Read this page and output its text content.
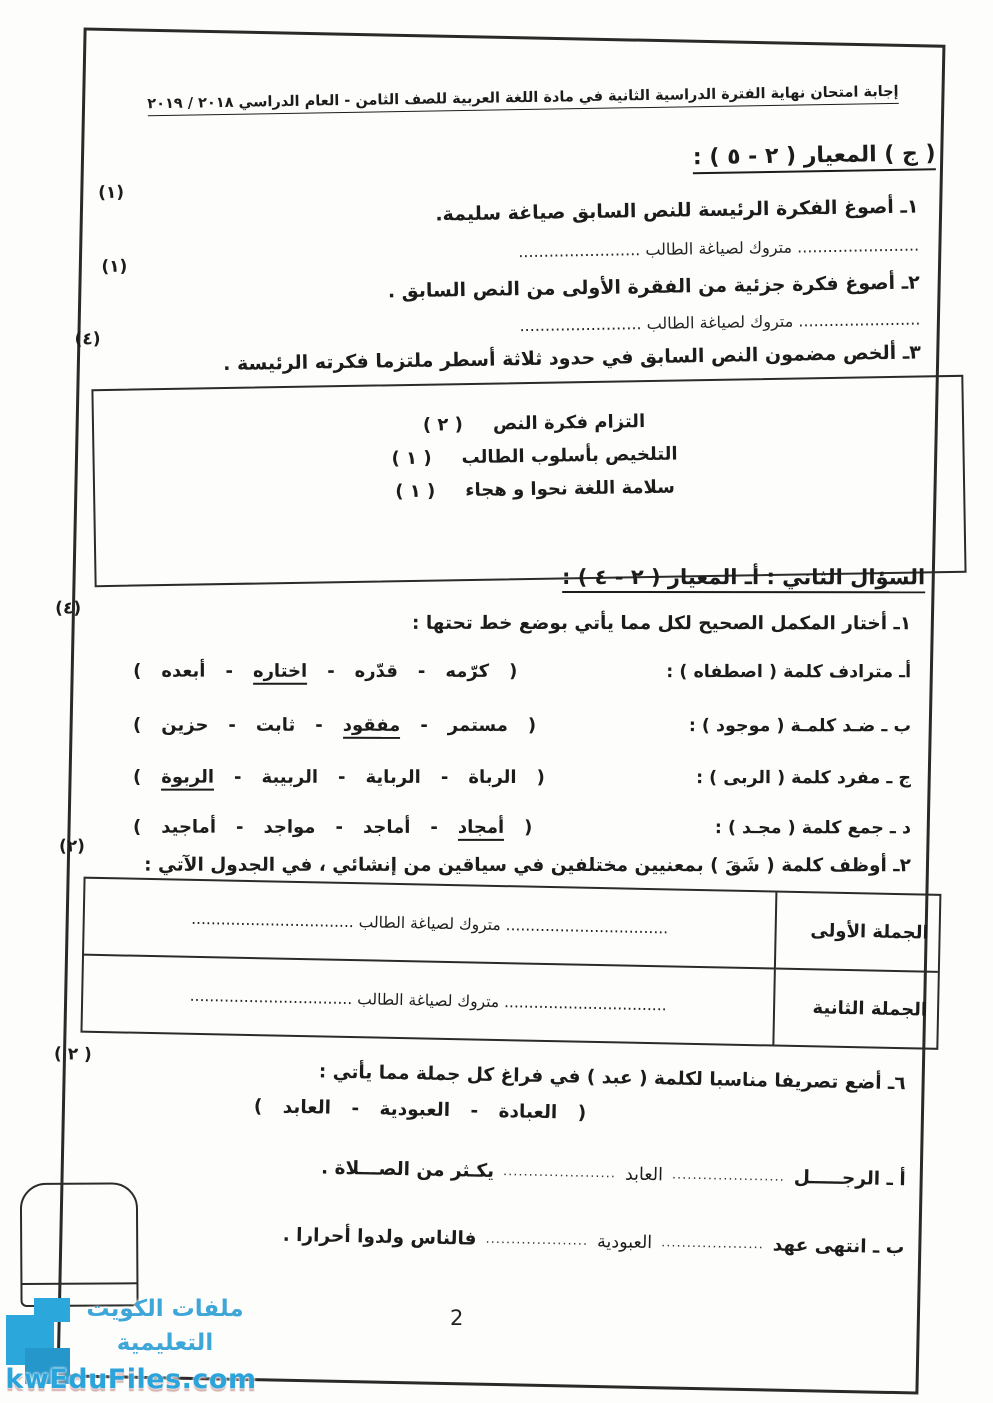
إجابة امتحان نهاية الفترة الدراسية الثانية في مادة اللغة العربية للصف الثامن - العام الدراسي ٢٠١٨ / ٢٠١٩
( ج ) المعيار ( ٢ - ٥ ) :
(١)
١ـ أصوغ الفكرة الرئيسة للنص السابق صياغة سليمة.
........................ متروك لصياغة الطالب ........................
(١)
٢ـ أصوغ فكرة جزئية من الفقرة الأولى من النص السابق .
........................ متروك لصياغة الطالب ........................
(٤)
٣ـ ألخص مضمون النص السابق في حدود ثلاثة أسطر ملتزما فكرته الرئيسة .
التزام فكرة النص
( ٢ )
التلخيص بأسلوب الطالب
( ١ )
سلامة اللغة نحوا و هجاء
( ١ )
السؤال الثاني : أـ المعيار ( ٢ - ٤ ) :
(٤)
١ـ أختار المكمل الصحيح لكل مما يأتي بوضع خط تحتها :
أـ مترادف كلمة ( اصطفاه ) :
(
كرّمه
-
قدّره
-
اختاره
-
أبعده
)
ب ـ ضـد كلمـة ( موجود ) :
(
مستمر
-
مفقود
-
ثابت
-
حزين
)
ج ـ مفرد كلمة ( الربى ) :
(
الرباة
-
الرباية
-
الربيبة
-
الربوة
)
د ـ جمع كلمة ( مجـد ) :
(
أمجاد
-
أماجد
-
مواجد
-
أماجيد
)
(٢)
٢ـ أوظف كلمة ( شَقَ ) بمعنيين مختلفين في سياقين من إنشائي ، في الجدول الآتي :
الجملة الأولى
................................. متروك لصياغة الطالب .................................
الجملة الثانية
................................. متروك لصياغة الطالب .................................
( ٢ )
٦ـ أضع تصريفا مناسبا لكلمة ( عبد ) في فراغ كل جملة مما يأتي :
( العبادة - العبودية - العابد )
أ ـ الرجـــــل
......................
العابد
......................
يكـثر من الصـــلاة .
ب ـ انتهى عهد
....................
العبودية
....................
فالناس ولدوا أحرارا .
ملفات الكويت
التعليمية
kwEduFiles.com
2
